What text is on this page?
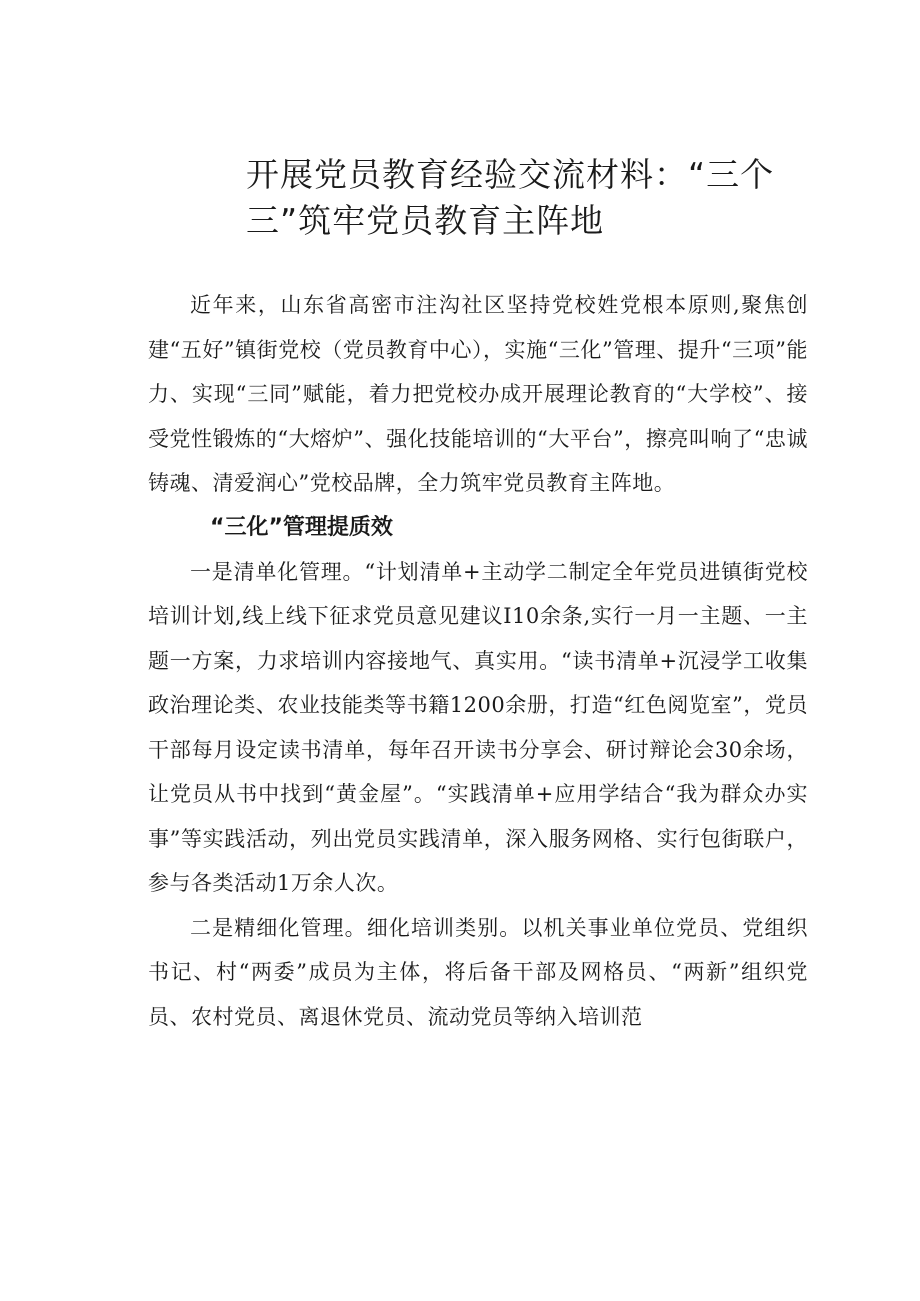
开展党员教育经验交流材料：“三个
三”筑牢党员教育主阵地

近年来，山东省高密市注沟社区坚持党校姓党根本原则,聚焦创建“五好”镇街党校（党员教育中心），实施“三化”管理、提升“三项”能力、实现“三同”赋能，着力把党校办成开展理论教育的“大学校”、接受党性锻炼的“大熔炉”、强化技能培训的“大平台”，擦亮叫响了“忠诚铸魂、清爱润心”党校品牌，全力筑牢党员教育主阵地。

“三化”管理提质效

一是清单化管理。“计划清单+主动学二制定全年党员进镇街党校培训计划,线上线下征求党员意见建议I10余条,实行一月一主题、一主题一方案，力求培训内容接地气、真实用。“读书清单+沉浸学工收集政治理论类、农业技能类等书籍1200余册，打造“红色阅览室”，党员干部每月设定读书清单，每年召开读书分享会、研讨辩论会30余场，让党员从书中找到“黄金屋”。“实践清单+应用学结合“我为群众办实事”等实践活动，列出党员实践清单，深入服务网格、实行包街联户，参与各类活动1万余人次。

二是精细化管理。细化培训类别。以机关事业单位党员、党组织书记、村“两委”成员为主体，将后备干部及网格员、“两新”组织党员、农村党员、离退休党员、流动党员等纳入培训范
